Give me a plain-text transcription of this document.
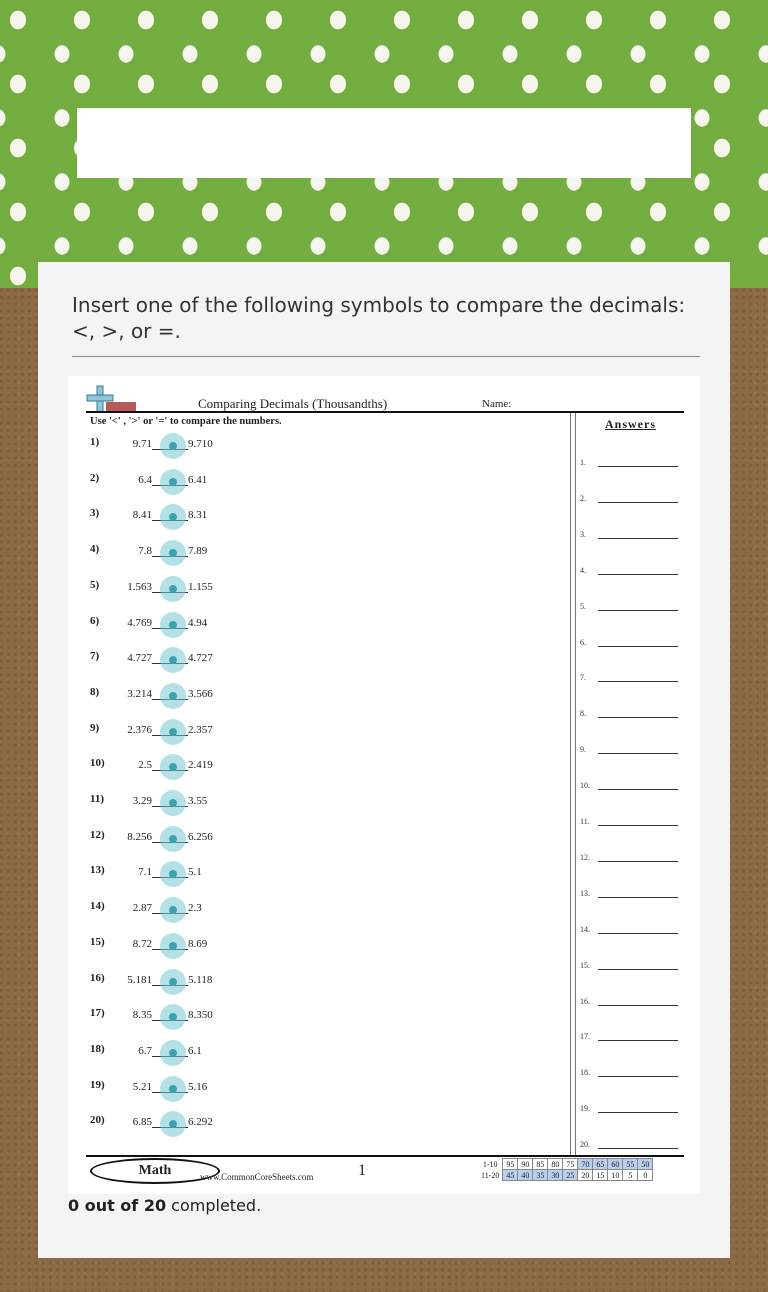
Insert one of the following symbols to compare the decimals: <, >, or =.

Comparing Decimals (Thousandths)	Name:
Use '<' , '>' or '=' to compare the numbers.	Answers
1)	9.71	9.710
2)	6.4	6.41
3)	8.41	8.31
4)	7.8	7.89
5)	1.563	1.155
6)	4.769	4.94
7)	4.727	4.727
8)	3.214	3.566
9)	2.376	2.357
10)	2.5	2.419
11)	3.29	3.55
12)	8.256	6.256
13)	7.1	5.1
14)	2.87	2.3
15)	8.72	8.69
16)	5.181	5.118
17)	8.35	8.350
18)	6.7	6.1
19)	5.21	5.16
20)	6.85	6.292
1.
2.
3.
4.
5.
6.
7.
8.
9.
10.
11.
12.
13.
14.
15.
16.
17.
18.
19.
20.
Math	www.CommonCoreSheets.com	1	1-10	95	90	85	80	75	70	65	60	55	50
11-20	45	40	35	30	25	20	15	10	5	0
0 out of 20 completed.
